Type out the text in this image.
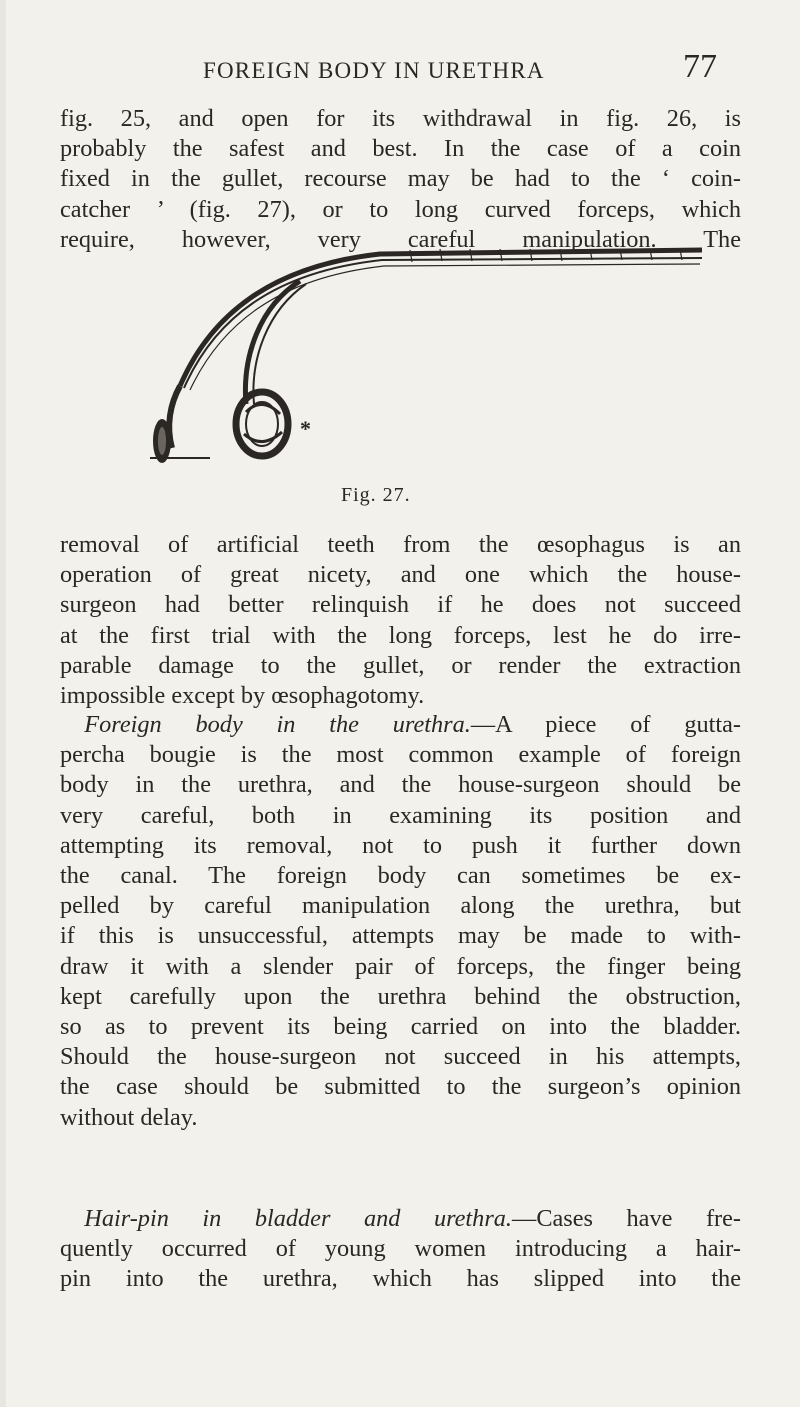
FOREIGN BODY IN URETHRA	77

fig. 25, and open for its withdrawal in fig. 26, is
probably the safest and best. In the case of a coin
fixed in the gullet, recourse may be had to the ‘ coin-
catcher ’ (fig. 27), or to long curved forceps, which
require, however, very careful manipulation. The

*
Fig. 27.

removal of artificial teeth from the œsophagus is an
operation of great nicety, and one which the house-
surgeon had better relinquish if he does not succeed
at the first trial with the long forceps, lest he do irre-
parable damage to the gullet, or render the extraction
impossible except by œsophagotomy.

 Foreign body in the urethra.—A piece of gutta-
percha bougie is the most common example of foreign
body in the urethra, and the house-surgeon should be
very careful, both in examining its position and
attempting its removal, not to push it further down
the canal. The foreign body can sometimes be ex-
pelled by careful manipulation along the urethra, but
if this is unsuccessful, attempts may be made to with-
draw it with a slender pair of forceps, the finger being
kept carefully upon the urethra behind the obstruction,
so as to prevent its being carried on into the bladder.
Should the house-surgeon not succeed in his attempts,
the case should be submitted to the surgeon’s opinion
without delay.

 Hair-pin in bladder and urethra.—Cases have fre-
quently occurred of young women introducing a hair-
pin into the urethra, which has slipped into the
